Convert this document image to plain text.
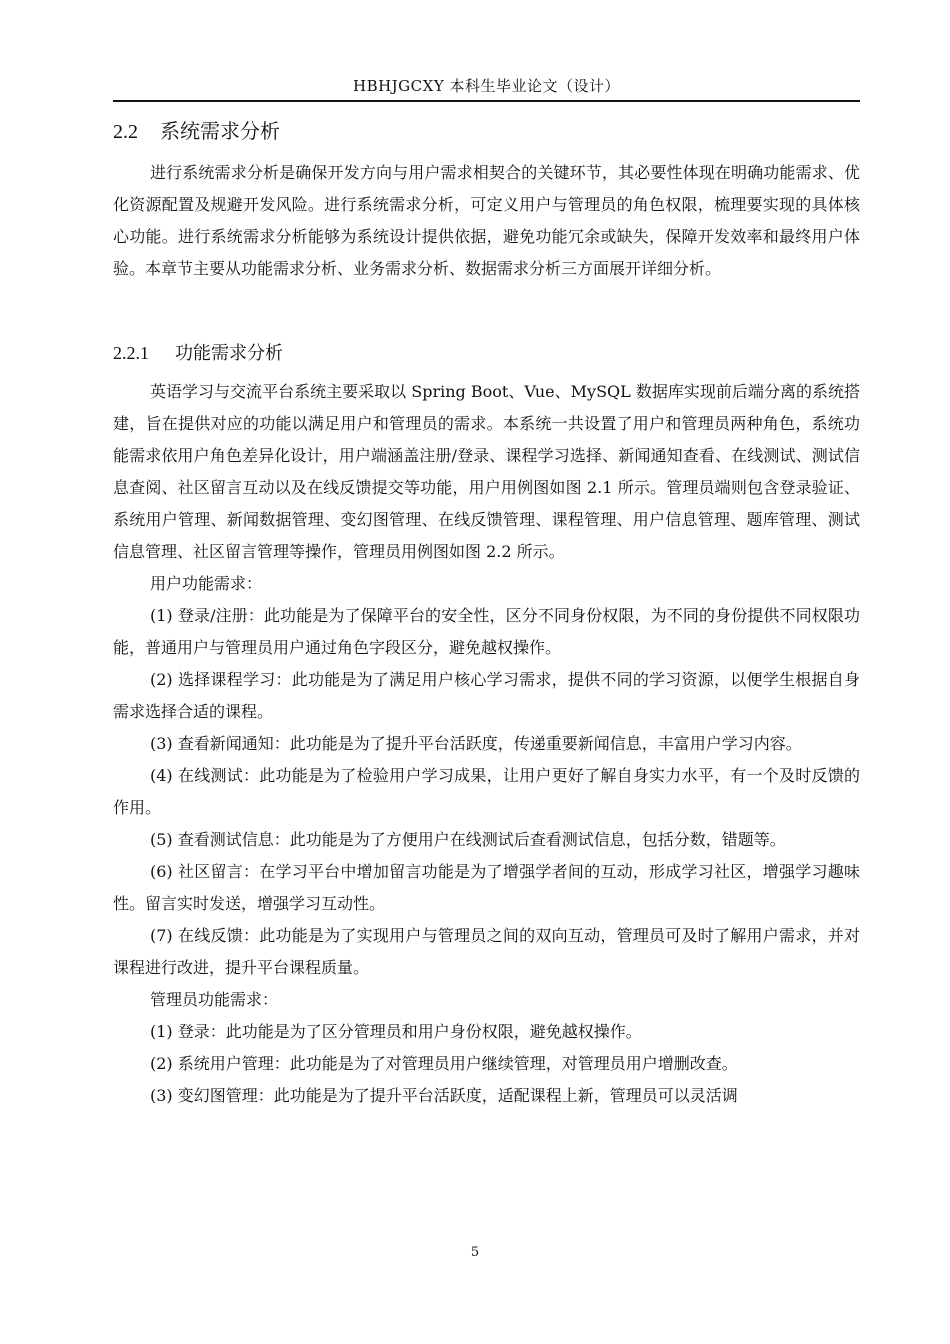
HBHJGCXY 本科生毕业论文（设计）
2.2 系统需求分析

进行系统需求分析是确保开发方向与用户需求相契合的关键环节，其必要性体现在明确功能需求、优化资源配置及规避开发风险。进行系统需求分析，可定义用户与管理员的角色权限，梳理要实现的具体核心功能。进行系统需求分析能够为系统设计提供依据，避免功能冗余或缺失，保障开发效率和最终用户体验。本章节主要从功能需求分析、业务需求分析、数据需求分析三方面展开详细分析。

2.2.1 功能需求分析

英语学习与交流平台系统主要采取以 Spring Boot、Vue、MySQL 数据库实现前后端分离的系统搭建，旨在提供对应的功能以满足用户和管理员的需求。本系统一共设置了用户和管理员两种角色，系统功能需求依用户角色差异化设计，用户端涵盖注册/登录、课程学习选择、新闻通知查看、在线测试、测试信息查阅、社区留言互动以及在线反馈提交等功能，用户用例图如图 2.1 所示。管理员端则包含登录验证、系统用户管理、新闻数据管理、变幻图管理、在线反馈管理、课程管理、用户信息管理、题库管理、测试信息管理、社区留言管理等操作，管理员用例图如图 2.2 所示。

用户功能需求：

(1) 登录/注册：此功能是为了保障平台的安全性，区分不同身份权限，为不同的身份提供不同权限功能，普通用户与管理员用户通过角色字段区分，避免越权操作。

(2) 选择课程学习：此功能是为了满足用户核心学习需求，提供不同的学习资源，以便学生根据自身需求选择合适的课程。

(3) 查看新闻通知：此功能是为了提升平台活跃度，传递重要新闻信息，丰富用户学习内容。

(4) 在线测试：此功能是为了检验用户学习成果，让用户更好了解自身实力水平，有一个及时反馈的作用。

(5) 查看测试信息：此功能是为了方便用户在线测试后查看测试信息，包括分数，错题等。

(6) 社区留言：在学习平台中增加留言功能是为了增强学者间的互动，形成学习社区，增强学习趣味性。留言实时发送，增强学习互动性。

(7) 在线反馈：此功能是为了实现用户与管理员之间的双向互动，管理员可及时了解用户需求，并对课程进行改进，提升平台课程质量。

管理员功能需求：

(1) 登录：此功能是为了区分管理员和用户身份权限，避免越权操作。

(2) 系统用户管理：此功能是为了对管理员用户继续管理，对管理员用户增删改查。

(3) 变幻图管理：此功能是为了提升平台活跃度，适配课程上新，管理员可以灵活调

5
